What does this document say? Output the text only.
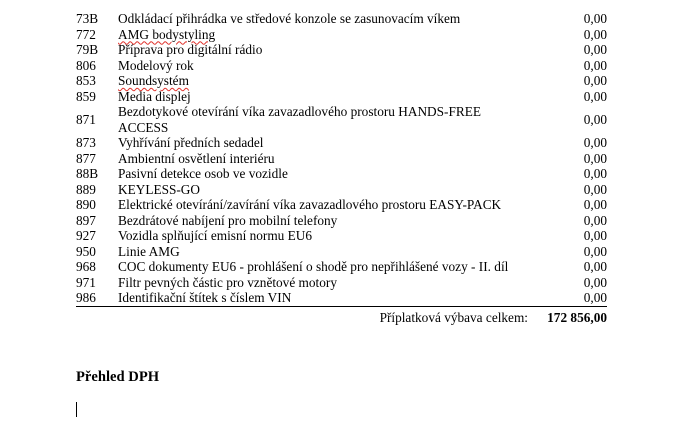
73B	Odkládací přihrádka ve středové konzole se zasunovacím víkem	0,00
772	AMG bodystyling	0,00
79B	Příprava pro digitální rádio	0,00
806	Modelový rok	0,00
853	Soundsystém	0,00
859	Media displej	0,00
871	Bezdotykové otevírání víka zavazadlového prostoru HANDS-FREE ACCESS	0,00
873	Vyhřívání předních sedadel	0,00
877	Ambientní osvětlení interiéru	0,00
88B	Pasivní detekce osob ve vozidle	0,00
889	KEYLESS-GO	0,00
890	Elektrické otevírání/zavírání víka zavazadlového prostoru EASY-PACK	0,00
897	Bezdrátové nabíjení pro mobilní telefony	0,00
927	Vozidla splňující emisní normu EU6	0,00
950	Linie AMG	0,00
968	COC dokumenty EU6 - prohlášení o shodě pro nepřihlášené vozy - II. díl	0,00
971	Filtr pevných částic pro vznětové motory	0,00
986	Identifikační štítek s číslem VIN	0,00
Příplatková výbava celkem:		172 856,00
Přehled DPH
